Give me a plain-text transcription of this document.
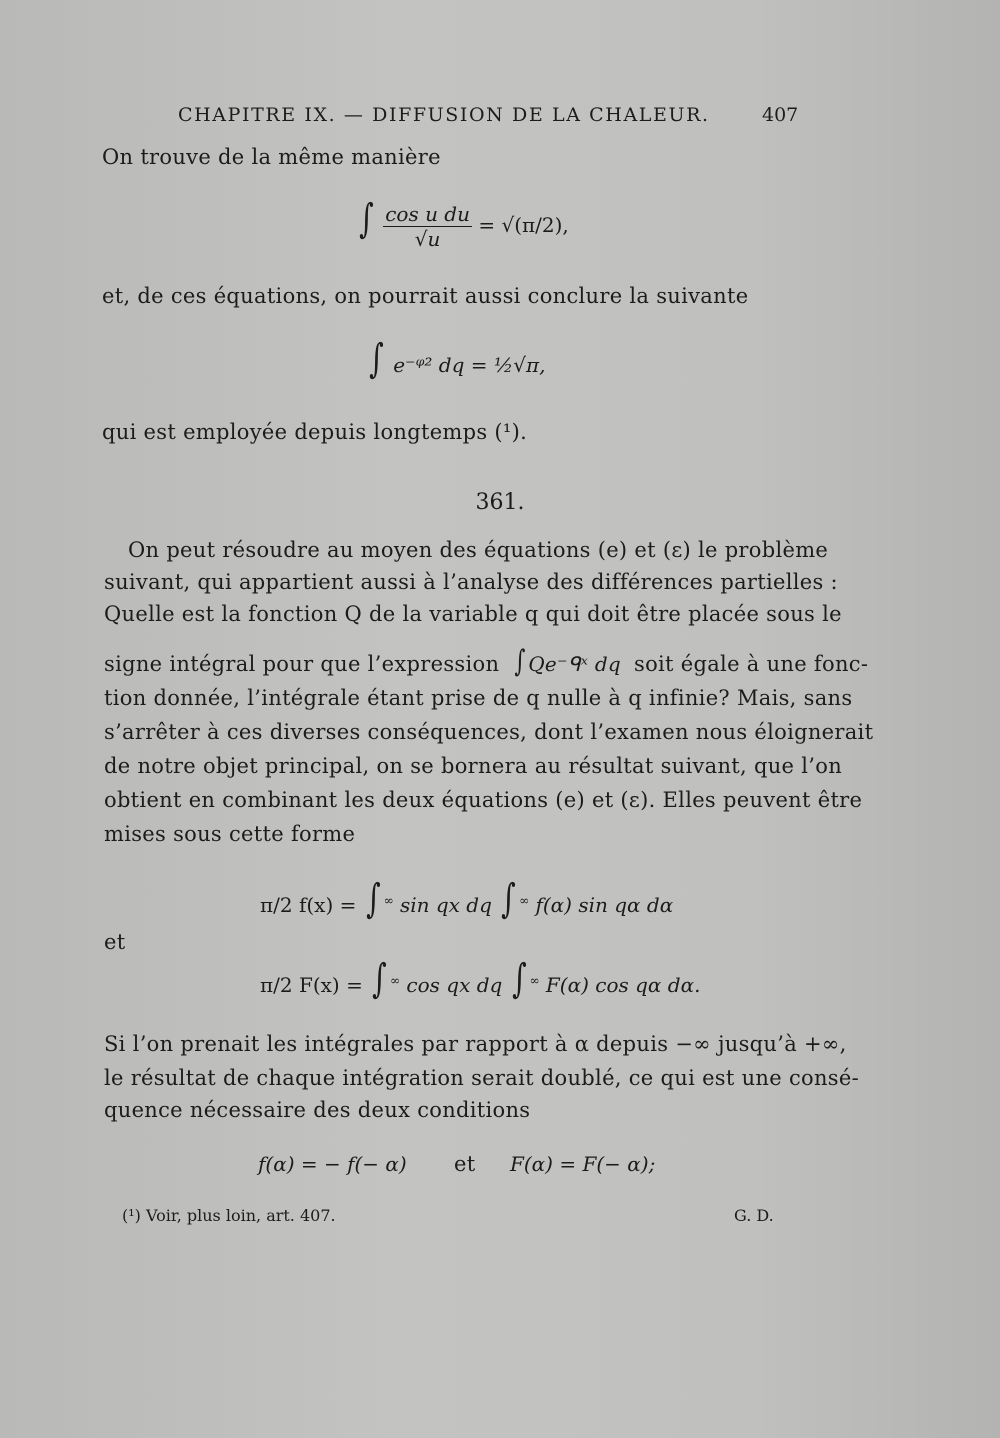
CHAPITRE IX. — DIFFUSION DE LA CHALEUR.	407
On trouve de la même manière
∫ $\frac{\text{cos u du}}{√u} = √(\pi/2)$,
et, de ces équations, on pourrait aussi conclure la suivante
∫ e⁻ᵠ² dq = ½√π,
qui est employée depuis longtemps (¹).
361.
On peut résoudre au moyen des équations (e) et (ε) le problème
suivant, qui appartient aussi à l’analyse des différences partielles :
Quelle est la fonction Q de la variable q qui doit être placée sous le
signe intégral pour que l’expression ∫ Qe⁻ᑫˣ dq soit égale à une fonc-
tion donnée, l’intégrale étant prise de q nulle à q infinie? Mais, sans
s’arrêter à ces diverses conséquences, dont l’examen nous éloignerait
de notre objet principal, on se bornera au résultat suivant, que l’on
obtient en combinant les deux équations (e) et (ε). Elles peuvent être
mises sous cette forme
π/2 f(x) = ∫ ∞ sin qx dq ∫ ∞ f(α) sin qα dα
et
π/2 F(x) = ∫ ∞ cos qx dq ∫ ∞ F(α) cos qα dα.
Si l’on prenait les intégrales par rapport à α depuis −∞ jusqu’à +∞,
le résultat de chaque intégration serait doublé, ce qui est une consé-
quence nécessaire des deux conditions
f(α) = − f(− α) et F(α) = F(− α);
(¹) Voir, plus loin, art. 407.	G. D.
